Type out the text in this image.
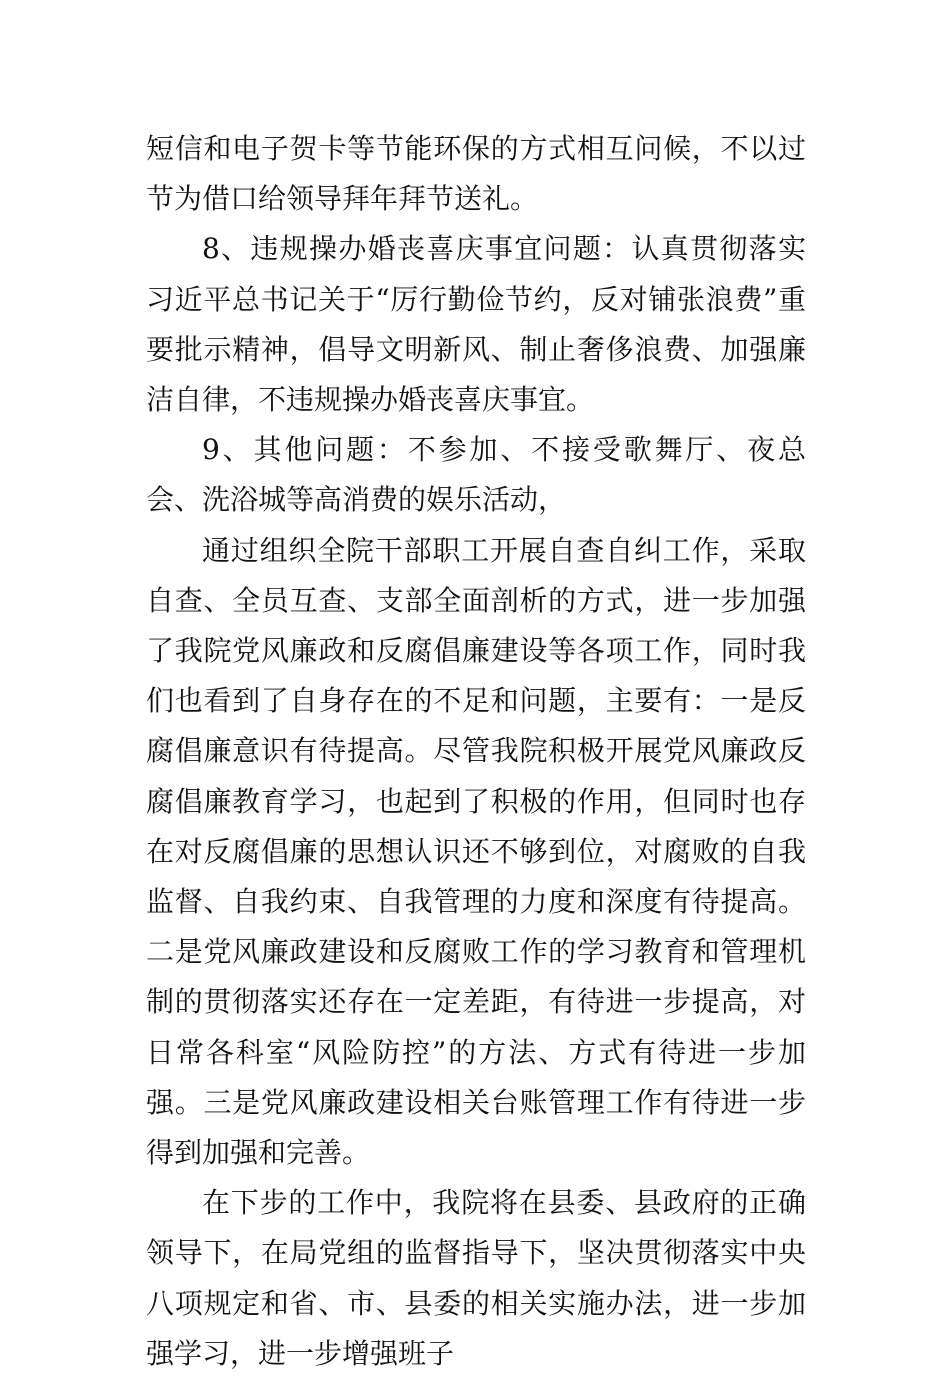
短信和电子贺卡等节能环保的方式相互问候，不以过节为借口给领导拜年拜节送礼。

8、违规操办婚丧喜庆事宜问题：认真贯彻落实习近平总书记关于“厉行勤俭节约，反对铺张浪费”重要批示精神，倡导文明新风、制止奢侈浪费、加强廉洁自律，不违规操办婚丧喜庆事宜。

9、其他问题：不参加、不接受歌舞厅、夜总会、洗浴城等高消费的娱乐活动，

通过组织全院干部职工开展自查自纠工作，采取自查、全员互查、支部全面剖析的方式，进一步加强了我院党风廉政和反腐倡廉建设等各项工作，同时我们也看到了自身存在的不足和问题，主要有：一是反腐倡廉意识有待提高。尽管我院积极开展党风廉政反腐倡廉教育学习，也起到了积极的作用，但同时也存在对反腐倡廉的思想认识还不够到位，对腐败的自我监督、自我约束、自我管理的力度和深度有待提高。二是党风廉政建设和反腐败工作的学习教育和管理机制的贯彻落实还存在一定差距，有待进一步提高，对日常各科室“风险防控”的方法、方式有待进一步加强。三是党风廉政建设相关台账管理工作有待进一步得到加强和完善。

在下步的工作中，我院将在县委、县政府的正确领导下，在局党组的监督指导下，坚决贯彻落实中央八项规定和省、市、县委的相关实施办法，进一步加强学习，进一步增强班子
